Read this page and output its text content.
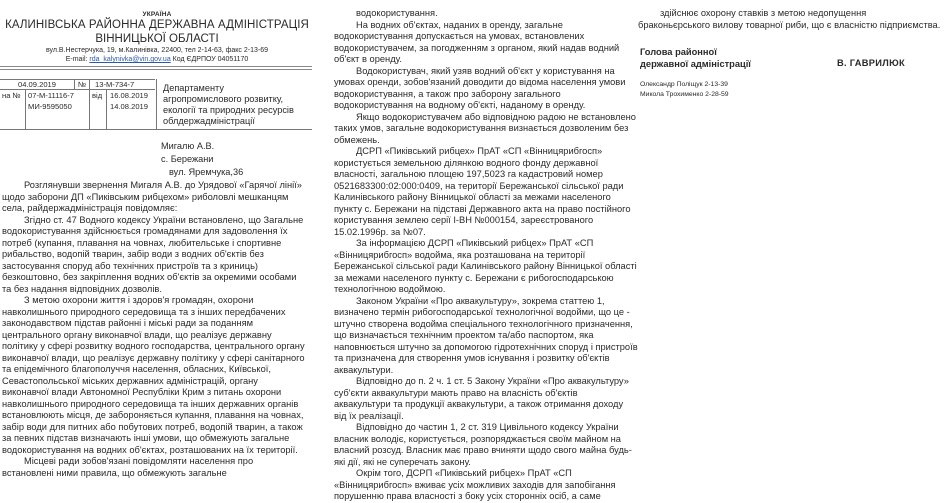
УКРАЇНА
КАЛИНІВСЬКА РАЙОННА ДЕРЖАВНА АДМІНІСТРАЦІЯ
ВІННИЦЬКОЇ ОБЛАСТІ
вул.В.Нестерчука, 19, м.Калинівка, 22400, тел 2-14-63, факс 2-13-69
E-mail: rda_kalynivka@vin.gov.ua Код ЄДРПОУ 04051170
04.09.2019	№ 13-М-734-7
на № 07-М-11116-7
МИ-9595050
від 16.08.2019
14.08.2019
Департаменту
агропромислового розвитку,
екології та природних ресурсів
облдержадміністрації
Мигалю А.В.
с. Бережани
вул. Яремчука,36

Розглянувши звернення Мигаля А.В. до Урядової «Гарячої лінії»

щодо заборони ДП «Пиківським рибцехом» риболовлі мешканцям

села, райдержадміністрація повідомляє:

Згідно ст. 47 Водного кодексу України встановлено, що Загальне

водокористування здійснюється громадянами для задоволення їх

потреб (купання, плавання на човнах, любительське і спортивне

рибальство, водопій тварин, забір води з водних об'єктів без

застосування споруд або технічних пристроїв та з криниць)

безкоштовно, без закріплення водних об'єктів за окремими особами

та без надання відповідних дозволів.

З метою охорони життя і здоров'я громадян, охорони

навколишнього природного середовища та з інших передбачених

законодавством підстав районні і міські ради за поданням

центрального органу виконавчої влади, що реалізує державну

політику у сфері розвитку водного господарства, центрального органу

виконавчої влади, що реалізує державну політику у сфері санітарного

та епідемічного благополуччя населення, обласних, Київської,

Севастопольської міських державних адміністрацій, органу

виконавчої влади Автономної Республіки Крим з питань охорони

навколишнього природного середовища та інших державних органів

встановлюють місця, де забороняється купання, плавання на човнах,

забір води для питних або побутових потреб, водопій тварин, а також

за певних підстав визначають інші умови, що обмежують загальне

водокористування на водних об'єктах, розташованих на їх території.

Місцеві ради зобов'язані повідомляти населення про

встановлені ними правила, що обмежують загальне

водокористування.

На водних об'єктах, наданих в оренду, загальне

водокористування допускається на умовах, встановлених

водокористувачем, за погодженням з органом, який надав водний

об'єкт в оренду.

Водокористувач, який узяв водний об'єкт у користування на

умовах оренди, зобов'язаний доводити до відома населення умови

водокористування, а також про заборону загального

водокористування на водному об'єкті, наданому в оренду.

Якщо водокористувачем або відповідною радою не встановлено

таких умов, загальне водокористування визнається дозволеним без

обмежень.

ДСРП «Пиківський рибцех» ПрАТ «СП «Вінницярибгосп»

користується земельною ділянкою водного фонду державної

власності, загальною площею 197,5023 га кадастровий номер

0521683300:02:000:0409, на території Бережанської сільської ради

Калинівського району Вінницької області за межами населеного

пункту с. Бережани на підставі Державного акта на право постійного

користування землею серії І-ВН №000154, зареєстрованого

15.02.1996р. за №07.

За інформацією ДСРП «Пиківський рибцех» ПрАТ «СП

«Вінницярибгосп» водойма, яка розташована на території

Бережанської сільської ради Калинівського району Вінницької області

за межами населеного пункту с. Бережани є рибогосподарською

технологічною водоймою.

Законом України «Про аквакультуру», зокрема статтею 1,

визначено термін рибогосподарської технологічної водойми, що це -

штучно створена водойма спеціального технологічного призначення,

що визначається технічним проектом та/або паспортом, яка

наповнюється штучно за допомогою гідротехнічних споруд і пристроїв

та призначена для створення умов існування і розвитку об'єктів

аквакультури.

Відповідно до п. 2 ч. 1 ст. 5 Закону України «Про аквакультуру»

суб'єкти аквакультури мають право на власність об'єктів

аквакультури та продукції аквакультури, а також отримання доходу

від їх реалізації.

Відповідно до частин 1, 2 ст. 319 Цивільного кодексу України

власник володіє, користується, розпоряджається своїм майном на

власний розсуд. Власник має право вчиняти щодо свого майна будь-

які дії, які не суперечать закону.

Окрім того, ДСРП «Пиківський рибцех» ПрАТ «СП

«Вінницярибгосп» вживає усіх можливих заходів для запобігання

порушенню права власності з боку усіх сторонніх осіб, а саме

здійснює охорону ставків з метою недопущення

браконьєрського вилову товарної риби, що є власністю підприємства.

Голова районної
державної адміністрації	В. ГАВРИЛЮК
Олександр Поліщук 2-13-39
Микола Трохименко 2-28-59
